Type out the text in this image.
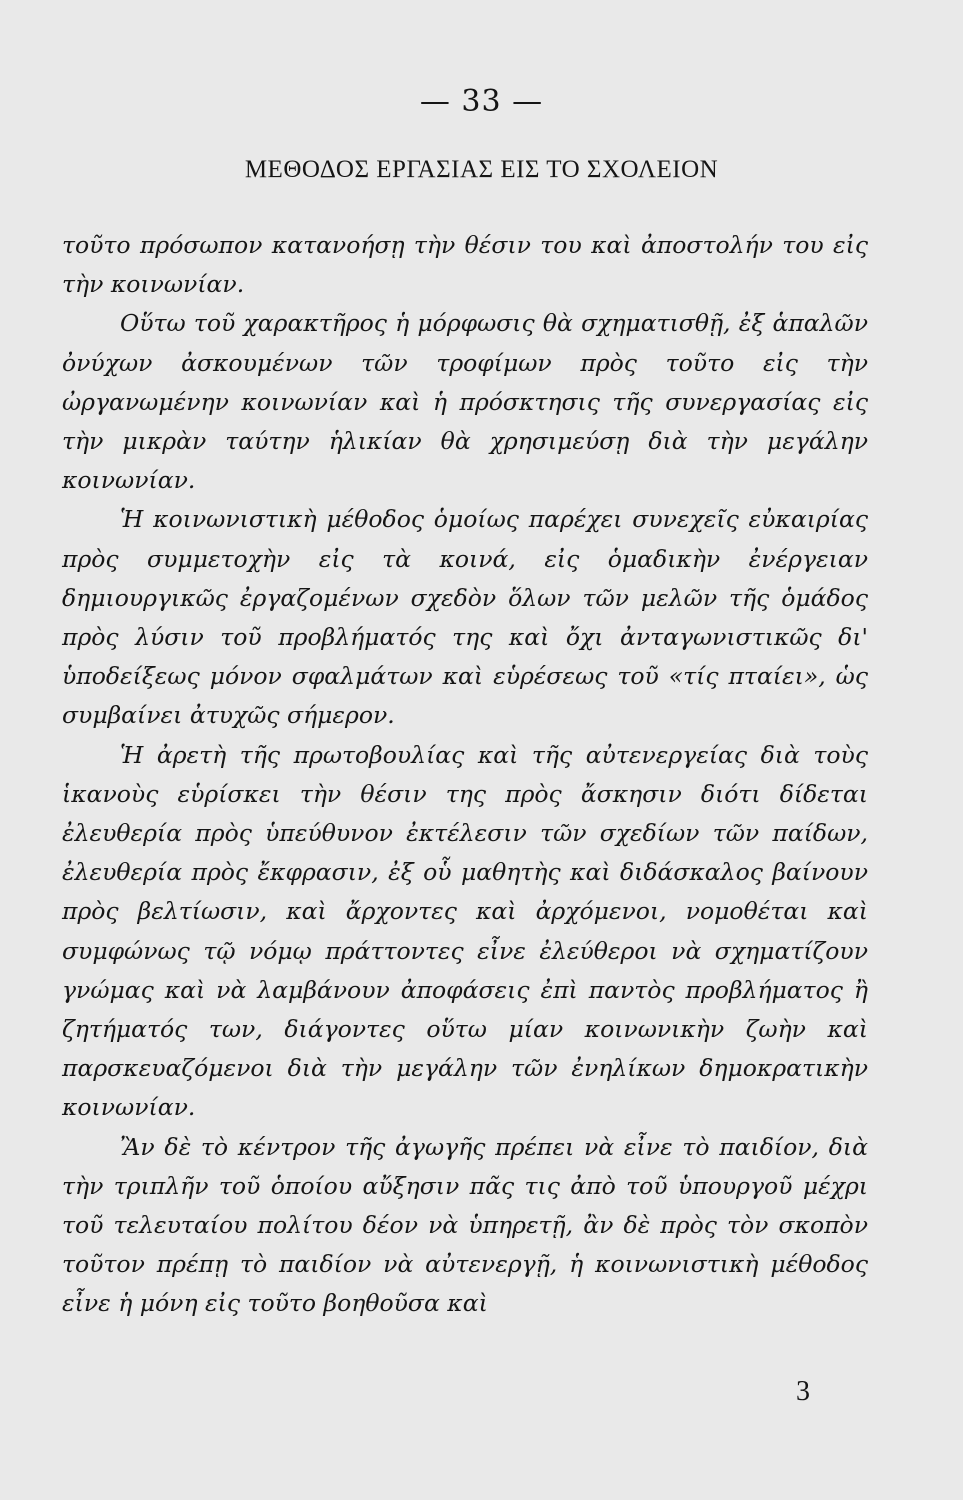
— 33 —
ΜΕΘΟΔΟΣ ΕΡΓΑΣΙΑΣ ΕΙΣ ΤΟ ΣΧΟΛΕΙΟΝ

τοῦτο πρόσωπον κατανοήσῃ τὴν θέσιν του καὶ ἀποστολήν του εἰς τὴν κοινωνίαν.

Οὕτω τοῦ χαρακτῆρος ἡ μόρφωσις θὰ σχηματισθῇ, ἐξ ἁπαλῶν ὀνύχων ἀσκουμένων τῶν τροφίμων πρὸς τοῦτο εἰς τὴν ὠργανωμένην κοινωνίαν καὶ ἡ πρόσκτησις τῆς συνεργασίας εἰς τὴν μικρὰν ταύτην ἡλικίαν θὰ χρησιμεύσῃ διὰ τὴν μεγάλην κοινωνίαν.

Ἡ κοινωνιστικὴ μέθοδος ὁμοίως παρέχει συνεχεῖς εὐκαιρίας πρὸς συμμετοχὴν εἰς τὰ κοινά, εἰς ὁμαδικὴν ἐνέργειαν δημιουργικῶς ἐργαζομένων σχεδὸν ὅλων τῶν μελῶν τῆς ὁμάδος πρὸς λύσιν τοῦ προβλήματός της καὶ ὄχι ἀνταγωνιστικῶς δι' ὑποδείξεως μόνον σφαλμάτων καὶ εὑρέσεως τοῦ «τίς πταίει», ὡς συμβαίνει ἀτυχῶς σήμερον.

Ἡ ἀρετὴ τῆς πρωτοβουλίας καὶ τῆς αὐτενεργείας διὰ τοὺς ἱκανοὺς εὑρίσκει τὴν θέσιν της πρὸς ἄσκησιν διότι δίδεται ἐλευθερία πρὸς ὑπεύθυνον ἐκτέλεσιν τῶν σχεδίων τῶν παίδων, ἐλευθερία πρὸς ἔκφρασιν, ἐξ οὗ μαθητὴς καὶ διδάσκαλος βαίνουν πρὸς βελτίωσιν, καὶ ἄρχοντες καὶ ἀρχόμενοι, νομοθέται καὶ συμφώνως τῷ νόμῳ πράττοντες εἶνε ἐλεύθεροι νὰ σχηματίζουν γνώμας καὶ νὰ λαμβάνουν ἀποφάσεις ἐπὶ παντὸς προβλήματος ἢ ζητήματός των, διάγοντες οὕτω μίαν κοινωνικὴν ζωὴν καὶ παρσκευαζόμενοι διὰ τὴν μεγάλην τῶν ἐνηλίκων δημοκρατικὴν κοινωνίαν.

Ἂν δὲ τὸ κέντρον τῆς ἀγωγῆς πρέπει νὰ εἶνε τὸ παιδίον, διὰ τὴν τριπλῆν τοῦ ὁποίου αὔξησιν πᾶς τις ἀπὸ τοῦ ὑπουργοῦ μέχρι τοῦ τελευταίου πολίτου δέον νὰ ὑπηρετῇ, ἂν δὲ πρὸς τὸν σκοπὸν τοῦτον πρέπῃ τὸ παιδίον νὰ αὐτενεργῇ, ἡ κοινωνιστικὴ μέθοδος εἶνε ἡ μόνη εἰς τοῦτο βοηθοῦσα καὶ

3
